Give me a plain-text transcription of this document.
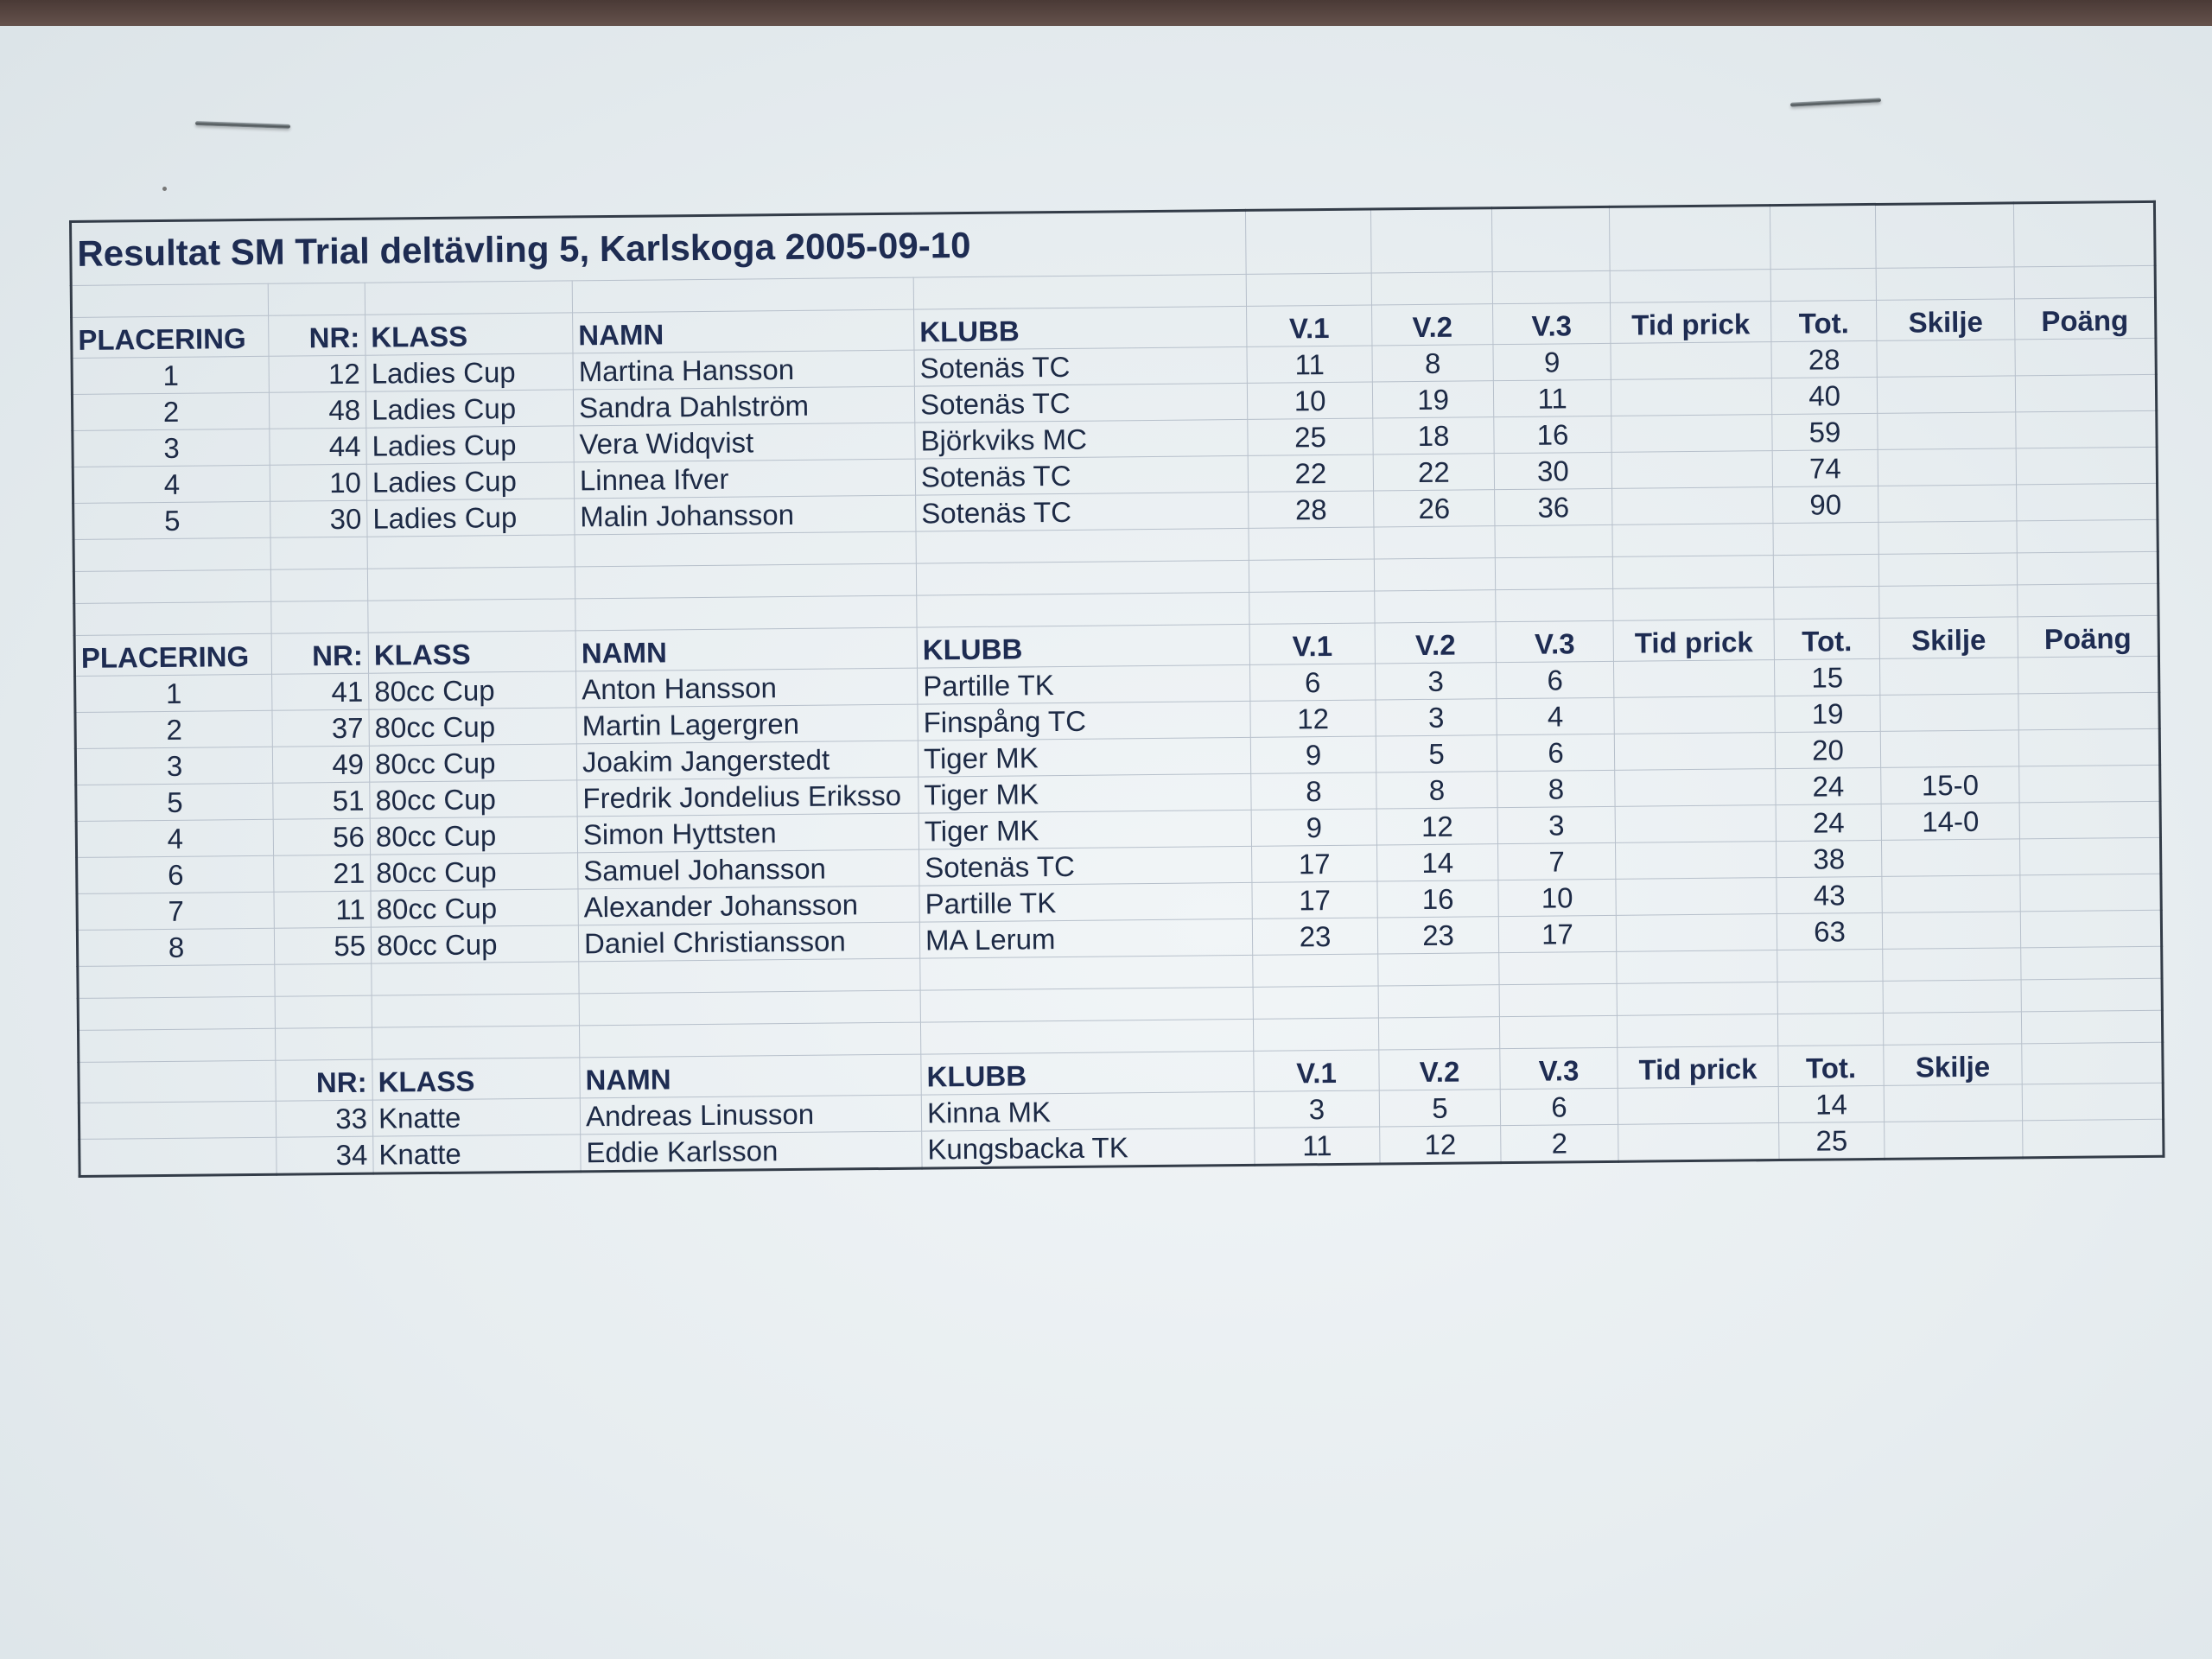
Resultat SM Trial deltävling 5, Karlskoga 2005-09-10											

PLACERING	NR:	KLASS	NAMN	KLUBB	V.1	V.2	V.3	Tid prick	Tot.	Skilje	Poäng
1	12	Ladies Cup	Martina Hansson	Sotenäs TC	11	8	9		28		
2	48	Ladies Cup	Sandra Dahlström	Sotenäs TC	10	19	11		40		
3	44	Ladies Cup	Vera Widqvist	Björkviks MC	25	18	16		59		
4	10	Ladies Cup	Linnea Ifver	Sotenäs TC	22	22	30		74		
5	30	Ladies Cup	Malin Johansson	Sotenäs TC	28	26	36		90		

PLACERING	NR:	KLASS	NAMN	KLUBB	V.1	V.2	V.3	Tid prick	Tot.	Skilje	Poäng
1	41	80cc Cup	Anton Hansson	Partille TK	6	3	6		15		
2	37	80cc Cup	Martin Lagergren	Finspång TC	12	3	4		19		
3	49	80cc Cup	Joakim Jangerstedt	Tiger MK	9	5	6		20		
5	51	80cc Cup	Fredrik Jondelius Eriksso	Tiger MK	8	8	8		24	15-0	
4	56	80cc Cup	Simon Hyttsten	Tiger MK	9	12	3		24	14-0	
6	21	80cc Cup	Samuel Johansson	Sotenäs TC	17	14	7		38		
7	11	80cc Cup	Alexander Johansson	Partille TK	17	16	10		43		
8	55	80cc Cup	Daniel Christiansson	MA Lerum	23	23	17		63		

	NR:	KLASS	NAMN	KLUBB	V.1	V.2	V.3	Tid prick	Tot.	Skilje	
	33	Knatte	Andreas Linusson	Kinna MK	3	5	6		14		
	34	Knatte	Eddie Karlsson	Kungsbacka TK	11	12	2		25		
